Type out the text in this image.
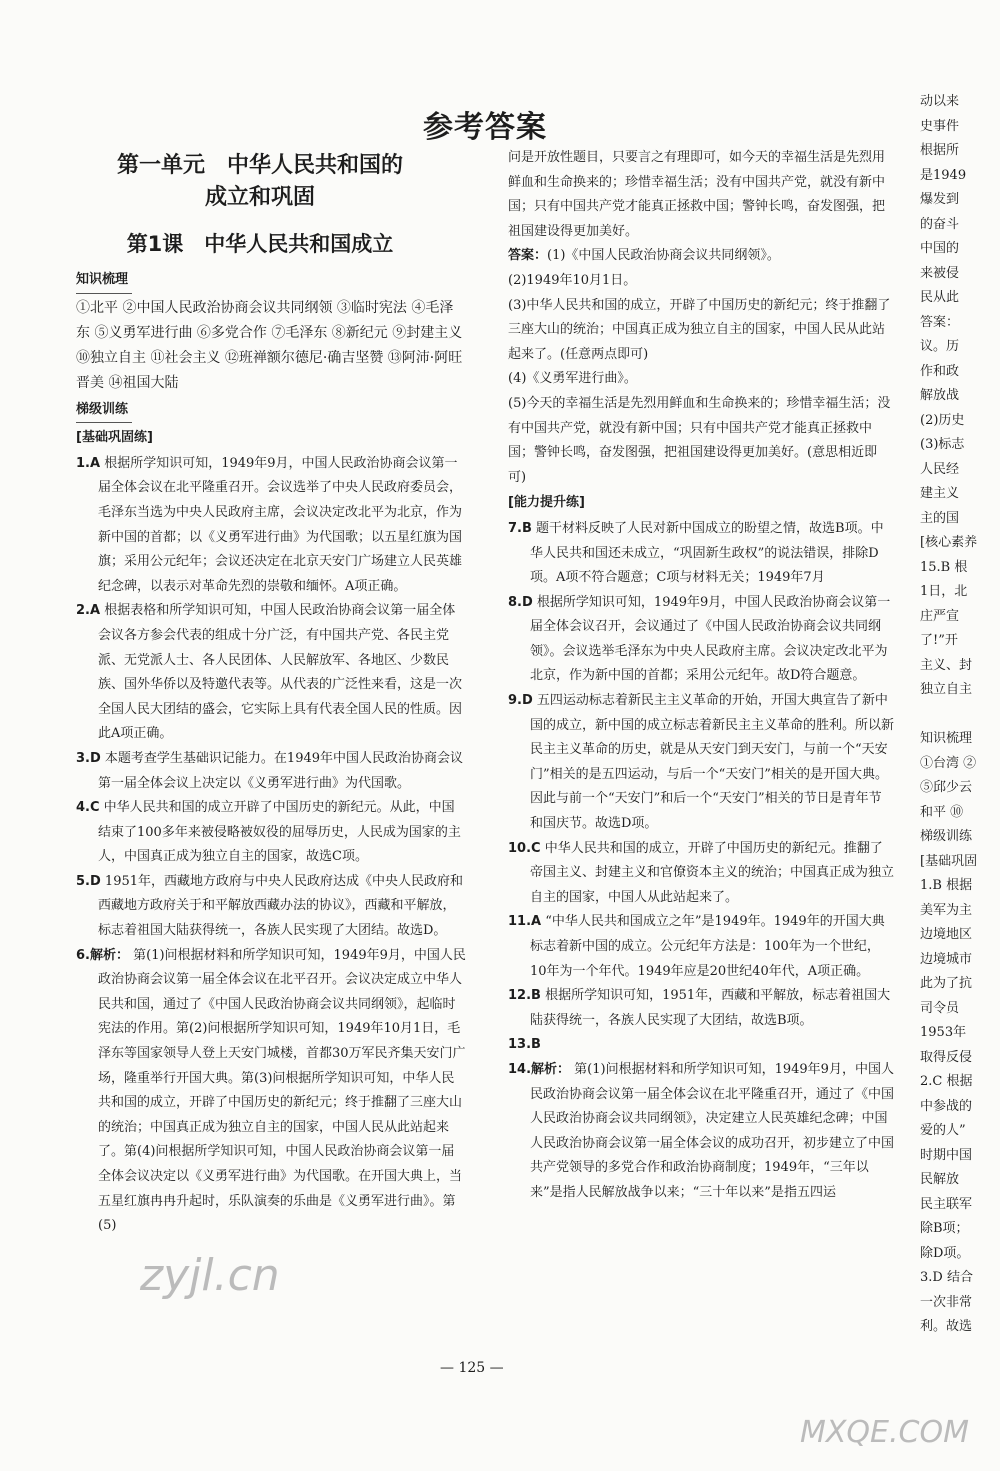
参考答案
第一单元　中华人民共和国的
成立和巩固
第1课　中华人民共和国成立
知识梳理

①北平 ②中国人民政治协商会议共同纲领 ③临时宪法 ④毛泽东 ⑤义勇军进行曲 ⑥多党合作 ⑦毛泽东 ⑧新纪元 ⑨封建主义 ⑩独立自主 ⑪社会主义 ⑫班禅额尔德尼·确吉坚赞 ⑬阿沛·阿旺晋美 ⑭祖国大陆

梯级训练
[基础巩固练]

1.A 根据所学知识可知，1949年9月，中国人民政治协商会议第一届全体会议在北平隆重召开。会议选举了中央人民政府委员会，毛泽东当选为中央人民政府主席，会议决定改北平为北京，作为新中国的首都；以《义勇军进行曲》为代国歌；以五星红旗为国旗；采用公元纪年；会议还决定在北京天安门广场建立人民英雄纪念碑，以表示对革命先烈的崇敬和缅怀。A项正确。

2.A 根据表格和所学知识可知，中国人民政治协商会议第一届全体会议各方参会代表的组成十分广泛，有中国共产党、各民主党派、无党派人士、各人民团体、人民解放军、各地区、少数民族、国外华侨以及特邀代表等。从代表的广泛性来看，这是一次全国人民大团结的盛会，它实际上具有代表全国人民的性质。因此A项正确。

3.D 本题考查学生基础识记能力。在1949年中国人民政治协商会议第一届全体会议上决定以《义勇军进行曲》为代国歌。

4.C 中华人民共和国的成立开辟了中国历史的新纪元。从此，中国结束了100多年来被侵略被奴役的屈辱历史，人民成为国家的主人，中国真正成为独立自主的国家，故选C项。

5.D 1951年，西藏地方政府与中央人民政府达成《中央人民政府和西藏地方政府关于和平解放西藏办法的协议》，西藏和平解放，标志着祖国大陆获得统一，各族人民实现了大团结。故选D。

6.解析： 第(1)问根据材料和所学知识可知，1949年9月，中国人民政治协商会议第一届全体会议在北平召开。会议决定成立中华人民共和国，通过了《中国人民政治协商会议共同纲领》，起临时宪法的作用。第(2)问根据所学知识可知，1949年10月1日，毛泽东等国家领导人登上天安门城楼，首都30万军民齐集天安门广场，隆重举行开国大典。第(3)问根据所学知识可知，中华人民共和国的成立，开辟了中国历史的新纪元；终于推翻了三座大山的统治；中国真正成为独立自主的国家，中国人民从此站起来了。第(4)问根据所学知识可知，中国人民政治协商会议第一届全体会议决定以《义勇军进行曲》为代国歌。在开国大典上，当五星红旗冉冉升起时，乐队演奏的乐曲是《义勇军进行曲》。第(5)

问是开放性题目，只要言之有理即可，如今天的幸福生活是先烈用鲜血和生命换来的；珍惜幸福生活；没有中国共产党，就没有新中国；只有中国共产党才能真正拯救中国；警钟长鸣，奋发图强，把祖国建设得更加美好。

答案：(1)《中国人民政治协商会议共同纲领》。

(2)1949年10月1日。

(3)中华人民共和国的成立，开辟了中国历史的新纪元；终于推翻了三座大山的统治；中国真正成为独立自主的国家，中国人民从此站起来了。(任意两点即可)

(4)《义勇军进行曲》。

(5)今天的幸福生活是先烈用鲜血和生命换来的；珍惜幸福生活；没有中国共产党，就没有新中国；只有中国共产党才能真正拯救中国；警钟长鸣，奋发图强，把祖国建设得更加美好。(意思相近即可)

[能力提升练]

7.B 题干材料反映了人民对新中国成立的盼望之情，故选B项。中华人民共和国还未成立，“巩固新生政权”的说法错误，排除D项。A项不符合题意；C项与材料无关；1949年7月

8.D 根据所学知识可知，1949年9月，中国人民政治协商会议第一届全体会议召开，会议通过了《中国人民政治协商会议共同纲领》。会议选举毛泽东为中央人民政府主席。会议决定改北平为北京，作为新中国的首都；采用公元纪年。故D符合题意。

9.D 五四运动标志着新民主主义革命的开始，开国大典宣告了新中国的成立，新中国的成立标志着新民主主义革命的胜利。所以新民主主义革命的历史，就是从天安门到天安门，与前一个“天安门”相关的是五四运动，与后一个“天安门”相关的是开国大典。因此与前一个“天安门”和后一个“天安门”相关的节日是青年节和国庆节。故选D项。

10.C 中华人民共和国的成立，开辟了中国历史的新纪元。推翻了帝国主义、封建主义和官僚资本主义的统治；中国真正成为独立自主的国家，中国人从此站起来了。

11.A “中华人民共和国成立之年”是1949年。1949年的开国大典标志着新中国的成立。公元纪年方法是：100年为一个世纪，10年为一个年代。1949年应是20世纪40年代，A项正确。

12.B 根据所学知识可知，1951年，西藏和平解放，标志着祖国大陆获得统一，各族人民实现了大团结，故选B项。

13.B

14.解析： 第(1)问根据材料和所学知识可知，1949年9月，中国人民政治协商会议第一届全体会议在北平隆重召开，通过了《中国人民政治协商会议共同纲领》，决定建立人民英雄纪念碑；中国人民政治协商会议第一届全体会议的成功召开，初步建立了中国共产党领导的多党合作和政治协商制度；1949年，“三年以来”是指人民解放战争以来；“三十年以来”是指五四运

动以来

史事件

根据所

是1949

爆发到

的奋斗

中国的

来被侵

民从此

答案：

议。历

作和政

解放战

(2)历史

(3)标志

人民经

建主义

主的国

[核心素养

15.B 根

1日，北

庄严宣

了!”开

主义、封

独立自主

知识梳理

①台湾 ②

⑤邱少云

和平 ⑩

梯级训练

[基础巩固

1.B 根据

美军为主

边境地区

边境城市

此为了抗

司令员

1953年

取得反侵

2.C 根据

中参战的

爱的人”

时期中国

民解放

民主联军

除B项；

除D项。

3.D 结合

一次非常

利。故选

— 125 —
zyjl.cn
MXQE.COM
